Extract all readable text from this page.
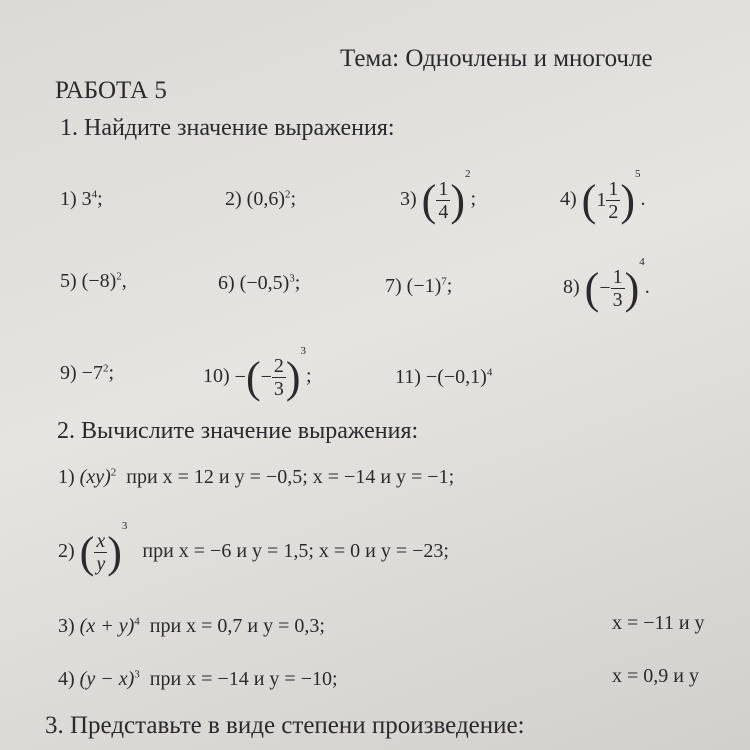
Тема: Одночлены и многочле
РАБОТА 5
1. Найдите значение выражения:
1) $3^4$;	2) $(0,6)^2$;	3) ( $\frac{1}{4} )^2$;	4) $(1 \frac{1}{2} )^5$.
5) $(-8)^2$,	6) $(-0,5)^3$;	7) $(-1)^7$;	8) (− $\frac{1}{3} )^4$.
$9) -7^2$;	10) −(− $\frac{2}{3} )^3$;	$11) -(-0,1)^4$
2. Вычислите значение выражения:
1) (xy)$^2$ при x = 12 и y = −0,5; x = −14 и y = −1;
2) ( $\frac{x}{y} )^3$   при x = −6 и y = 1,5; x = 0 и y = −23;
3) $(x + y)^4$ при x = 0,7 и y = 0,3;	x = −11 и y
4) $(y - x)^3$ при x = −14 и y = −10;	x = 0,9 и y
3. Представьте в виде степени произведение:
